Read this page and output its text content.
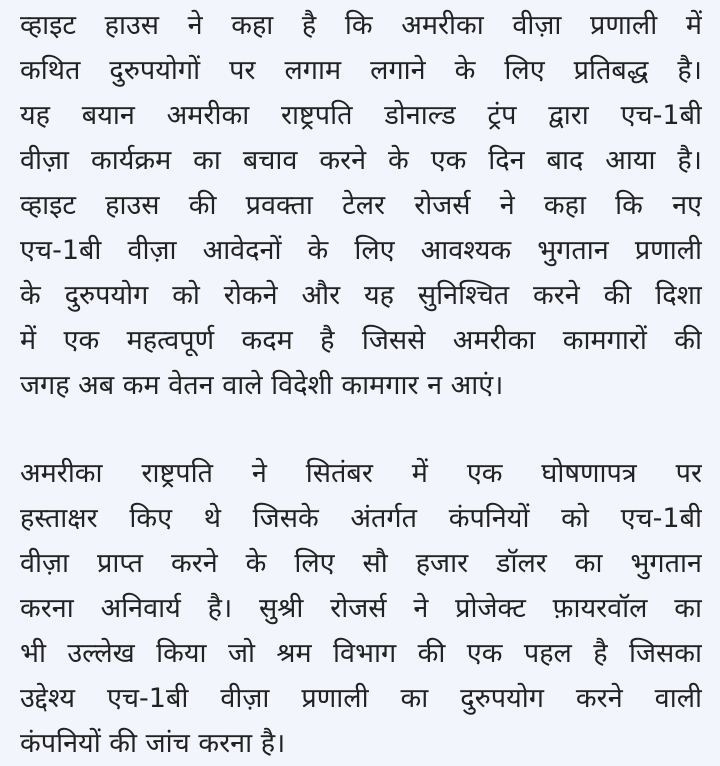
व्हाइट हाउस ने कहा है कि अमरीका वीज़ा प्रणाली में
कथित दुरुपयोगों पर लगाम लगाने के लिए प्रतिबद्ध है।
यह बयान अमरीका राष्ट्रपति डोनाल्ड ट्रंप द्वारा एच-1बी
वीज़ा कार्यक्रम का बचाव करने के एक दिन बाद आया है।
व्हाइट हाउस की प्रवक्ता टेलर रोजर्स ने कहा कि नए
एच-1बी वीज़ा आवेदनों के लिए आवश्यक भुगतान प्रणाली
के दुरुपयोग को रोकने और यह सुनिश्चित करने की दिशा
में एक महत्वपूर्ण कदम है जिससे अमरीका कामगारों की
जगह अब कम वेतन वाले विदेशी कामगार न आएं।

अमरीका राष्ट्रपति ने सितंबर में एक घोषणापत्र पर
हस्ताक्षर किए थे जिसके अंतर्गत कंपनियों को एच-1बी
वीज़ा प्राप्त करने के लिए सौ हजार डॉलर का भुगतान
करना अनिवार्य है। सुश्री रोजर्स ने प्रोजेक्ट फ़ायरवॉल का
भी उल्लेख किया जो श्रम विभाग की एक पहल है जिसका
उद्देश्य एच-1बी वीज़ा प्रणाली का दुरुपयोग करने वाली
कंपनियों की जांच करना है।
